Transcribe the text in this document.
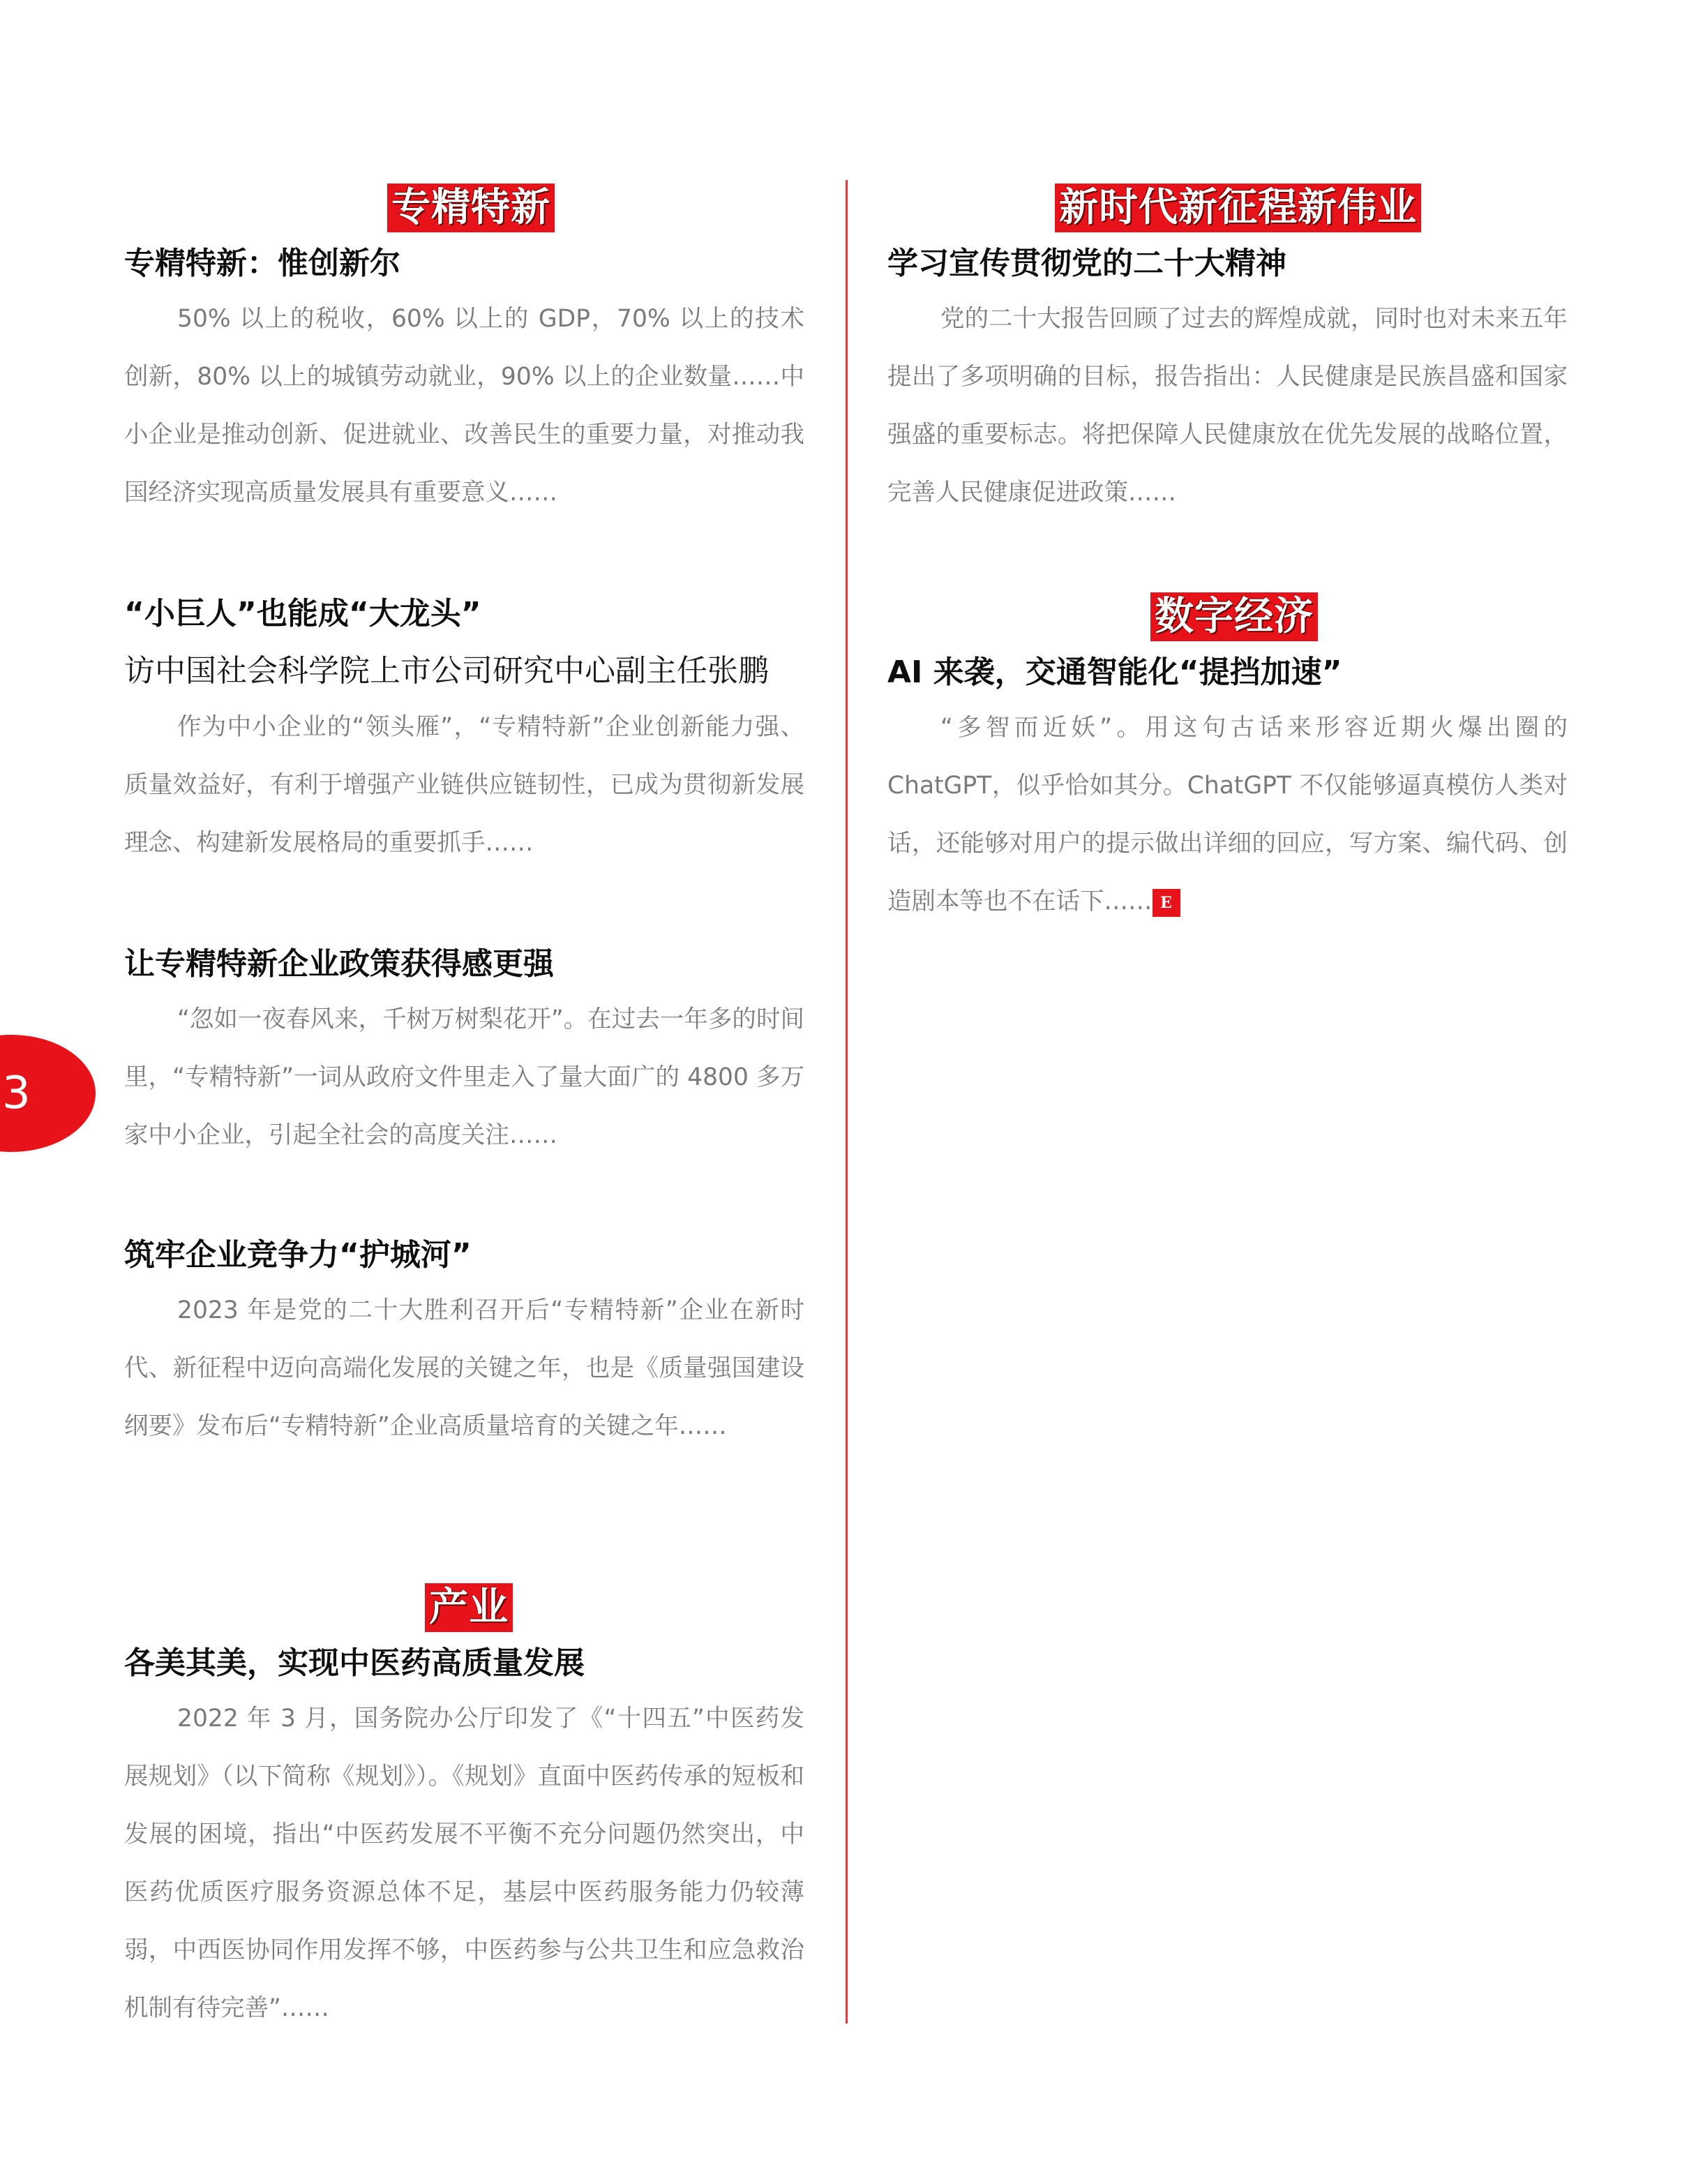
3
专精特新
专精特新：惟创新尔

50% 以上的税收，60% 以上的 GDP，70% 以上的技术创新，80% 以上的城镇劳动就业，90% 以上的企业数量……中小企业是推动创新、促进就业、改善民生的重要力量，对推动我国经济实现高质量发展具有重要意义……

“小巨人”也能成“大龙头”
访中国社会科学院上市公司研究中心副主任张鹏

作为中小企业的“领头雁”，“专精特新”企业创新能力强、质量效益好，有利于增强产业链供应链韧性，已成为贯彻新发展理念、构建新发展格局的重要抓手……

让专精特新企业政策获得感更强

“忽如一夜春风来，千树万树梨花开”。在过去一年多的时间里，“专精特新”一词从政府文件里走入了量大面广的 4800 多万家中小企业，引起全社会的高度关注……

筑牢企业竞争力“护城河”

2023 年是党的二十大胜利召开后“专精特新”企业在新时代、新征程中迈向高端化发展的关键之年，也是《质量强国建设纲要》发布后“专精特新”企业高质量培育的关键之年……

产业
各美其美，实现中医药高质量发展

2022 年 3 月，国务院办公厅印发了《“十四五”中医药发展规划》（以下简称《规划》）。《规划》直面中医药传承的短板和发展的困境，指出“中医药发展不平衡不充分问题仍然突出，中医药优质医疗服务资源总体不足，基层中医药服务能力仍较薄弱，中西医协同作用发挥不够，中医药参与公共卫生和应急救治机制有待完善”……

新时代新征程新伟业
学习宣传贯彻党的二十大精神

党的二十大报告回顾了过去的辉煌成就，同时也对未来五年提出了多项明确的目标，报告指出：人民健康是民族昌盛和国家强盛的重要标志。将把保障人民健康放在优先发展的战略位置，完善人民健康促进政策……

数字经济
AI 来袭，交通智能化“提挡加速”

“多智而近妖”。用这句古话来形容近期火爆出圈的 ChatGPT，似乎恰如其分。ChatGPT 不仅能够逼真模仿人类对话，还能够对用户的提示做出详细的回应，写方案、编代码、创造剧本等也不在话下…… E
